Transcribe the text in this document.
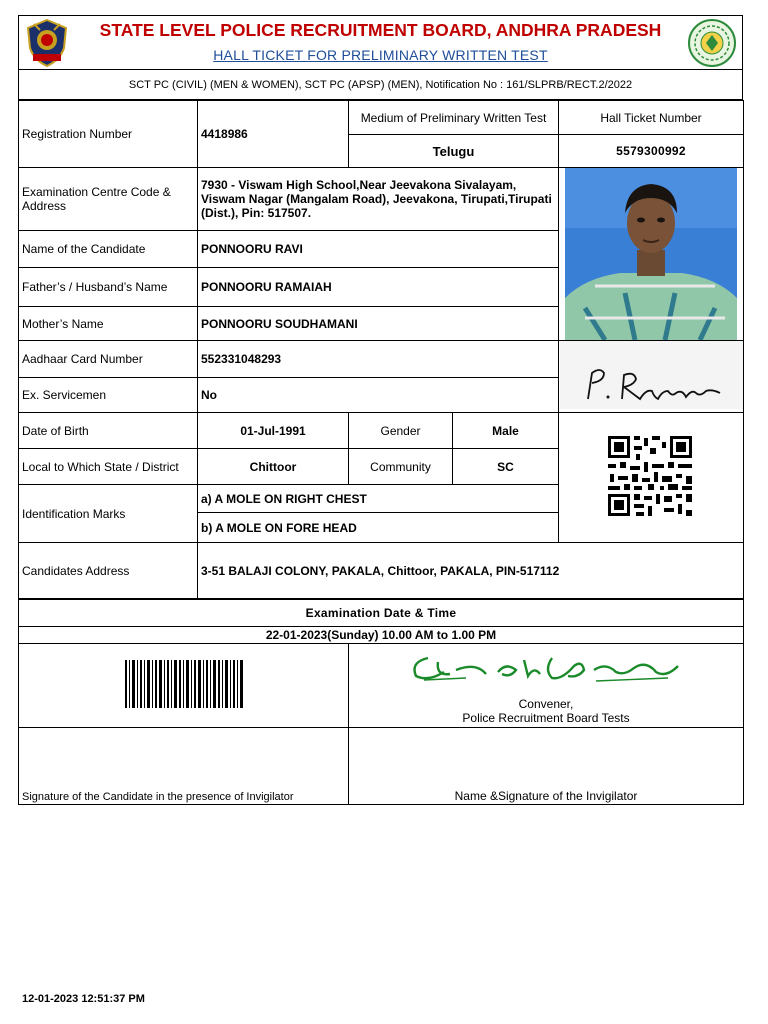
STATE LEVEL POLICE RECRUITMENT BOARD, ANDHRA PRADESH
HALL TICKET FOR PRELIMINARY WRITTEN TEST
SCT PC (CIVIL) (MEN & WOMEN), SCT PC (APSP) (MEN), Notification No : 161/SLPRB/RECT.2/2022
Registration Number	4418986	Medium of Preliminary Written Test		Hall Ticket Number
		Telugu		5579300992
Examination Centre Code & Address	7930 - Viswam High School,Near Jeevakona Sivalayam, Viswam Nagar (Mangalam Road), Jeevakona, Tirupati,Tirupati (Dist.), Pin: 517507.	

Name of the Candidate	PONNOORU RAVI			
Father’s / Husband’s Name	PONNOORU RAMAIAH			
Mother’s Name	PONNOORU SOUDHAMANI			
Aadhaar Card Number	552331048293	
Ex. Servicemen	No			
Date of Birth	01-Jul-1991	Gender	Male	
Local to Which State / District	Chittoor	Community	SC	
Identification Marks	a) A MOLE ON RIGHT CHEST			
	b) A MOLE ON FORE HEAD			
Candidates Address	3-51 BALAJI COLONY, PAKALA, Chittoor, PAKALA, PIN-517112			
Examination Date & Time	
22-01-2023(Sunday) 10.00 AM to 1.00 PM	

Convener,
Police Recruitment Board Tests

Signature of the Candidate in the presence of Invigilator	Name &Signature of the Invigilator
12-01-2023 12:51:37 PM
